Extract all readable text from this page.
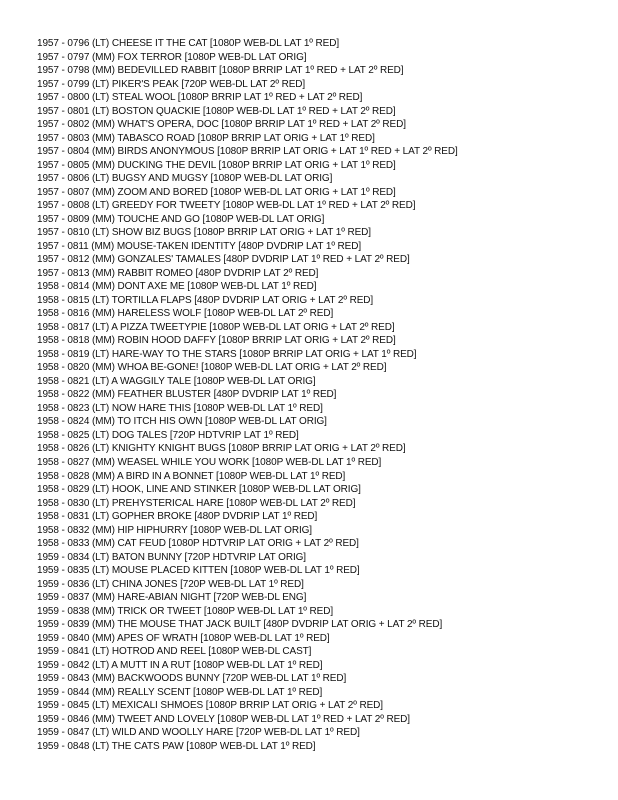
1957 - 0796 (LT) CHEESE IT THE CAT [1080P WEB-DL LAT 1º RED]
1957 - 0797 (MM) FOX TERROR [1080P WEB-DL LAT ORIG]
1957 - 0798 (MM) BEDEVILLED RABBIT [1080P BRRIP LAT 1º RED + LAT 2º RED]
1957 - 0799 (LT) PIKER'S PEAK [720P WEB-DL LAT 2º RED]
1957 - 0800 (LT) STEAL WOOL [1080P BRRIP LAT 1º RED + LAT 2º RED]
1957 - 0801 (LT) BOSTON QUACKIE [1080P WEB-DL LAT 1º RED + LAT 2º RED]
1957 - 0802 (MM) WHAT'S OPERA, DOC [1080P BRRIP LAT 1º RED + LAT 2º RED]
1957 - 0803 (MM) TABASCO ROAD [1080P BRRIP LAT ORIG + LAT 1º RED]
1957 - 0804 (MM) BIRDS ANONYMOUS [1080P BRRIP LAT ORIG + LAT 1º RED + LAT 2º RED]
1957 - 0805 (MM) DUCKING THE DEVIL [1080P BRRIP LAT ORIG + LAT 1º RED]
1957 - 0806 (LT) BUGSY AND MUGSY [1080P WEB-DL LAT ORIG]
1957 - 0807 (MM) ZOOM AND BORED [1080P WEB-DL LAT ORIG + LAT 1º RED]
1957 - 0808 (LT) GREEDY FOR TWEETY [1080P WEB-DL LAT 1º RED + LAT 2º RED]
1957 - 0809 (MM) TOUCHE AND GO [1080P WEB-DL LAT ORIG]
1957 - 0810 (LT) SHOW BIZ BUGS [1080P BRRIP LAT ORIG + LAT 1º RED]
1957 - 0811 (MM) MOUSE-TAKEN IDENTITY [480P DVDRIP LAT 1º RED]
1957 - 0812 (MM) GONZALES' TAMALES [480P DVDRIP LAT 1º RED + LAT 2º RED]
1957 - 0813 (MM) RABBIT ROMEO [480P DVDRIP LAT 2º RED]
1958 - 0814 (MM) DONT AXE ME [1080P WEB-DL LAT 1º RED]
1958 - 0815 (LT) TORTILLA FLAPS [480P DVDRIP LAT ORIG + LAT 2º RED]
1958 - 0816 (MM) HARELESS WOLF [1080P WEB-DL LAT 2º RED]
1958 - 0817 (LT) A PIZZA TWEETYPIE [1080P WEB-DL LAT ORIG + LAT 2º RED]
1958 - 0818 (MM) ROBIN HOOD DAFFY [1080P BRRIP LAT ORIG + LAT 2º RED]
1958 - 0819 (LT) HARE-WAY TO THE STARS [1080P BRRIP LAT ORIG + LAT 1º RED]
1958 - 0820 (MM) WHOA BE-GONE! [1080P WEB-DL LAT ORIG + LAT 2º RED]
1958 - 0821 (LT) A WAGGILY TALE [1080P WEB-DL LAT ORIG]
1958 - 0822 (MM) FEATHER BLUSTER [480P DVDRIP LAT 1º RED]
1958 - 0823 (LT) NOW HARE THIS [1080P WEB-DL LAT 1º RED]
1958 - 0824 (MM) TO ITCH HIS OWN [1080P WEB-DL LAT ORIG]
1958 - 0825 (LT) DOG TALES [720P HDTVRIP LAT 1º RED]
1958 - 0826 (LT) KNIGHTY KNIGHT BUGS [1080P BRRIP LAT ORIG + LAT 2º RED]
1958 - 0827 (MM) WEASEL WHILE YOU WORK [1080P WEB-DL LAT 1º RED]
1958 - 0828 (MM) A BIRD IN A BONNET [1080P WEB-DL LAT 1º RED]
1958 - 0829 (LT) HOOK, LINE AND STINKER [1080P WEB-DL LAT ORIG]
1958 - 0830 (LT) PREHYSTERICAL HARE [1080P WEB-DL LAT 2º RED]
1958 - 0831 (LT) GOPHER BROKE [480P DVDRIP LAT 1º RED]
1958 - 0832 (MM) HIP HIPHURRY [1080P WEB-DL LAT ORIG]
1958 - 0833 (MM) CAT FEUD [1080P HDTVRIP LAT ORIG + LAT 2º RED]
1959 - 0834 (LT) BATON BUNNY [720P HDTVRIP LAT ORIG]
1959 - 0835 (LT) MOUSE PLACED KITTEN [1080P WEB-DL LAT 1º RED]
1959 - 0836 (LT) CHINA JONES [720P WEB-DL LAT 1º RED]
1959 - 0837 (MM) HARE-ABIAN NIGHT [720P WEB-DL ENG]
1959 - 0838 (MM) TRICK OR TWEET [1080P WEB-DL LAT 1º RED]
1959 - 0839 (MM) THE MOUSE THAT JACK BUILT [480P DVDRIP LAT ORIG + LAT 2º RED]
1959 - 0840 (MM) APES OF WRATH [1080P WEB-DL LAT 1º RED]
1959 - 0841 (LT) HOTROD AND REEL [1080P WEB-DL CAST]
1959 - 0842 (LT) A MUTT IN A RUT [1080P WEB-DL LAT 1º RED]
1959 - 0843 (MM) BACKWOODS BUNNY [720P WEB-DL LAT 1º RED]
1959 - 0844 (MM) REALLY SCENT [1080P WEB-DL LAT 1º RED]
1959 - 0845 (LT) MEXICALI SHMOES [1080P BRRIP LAT ORIG + LAT 2º RED]
1959 - 0846 (MM) TWEET AND LOVELY [1080P WEB-DL LAT 1º RED + LAT 2º RED]
1959 - 0847 (LT) WILD AND WOOLLY HARE [720P WEB-DL LAT 1º RED]
1959 - 0848 (LT) THE CATS PAW [1080P WEB-DL LAT 1º RED]
